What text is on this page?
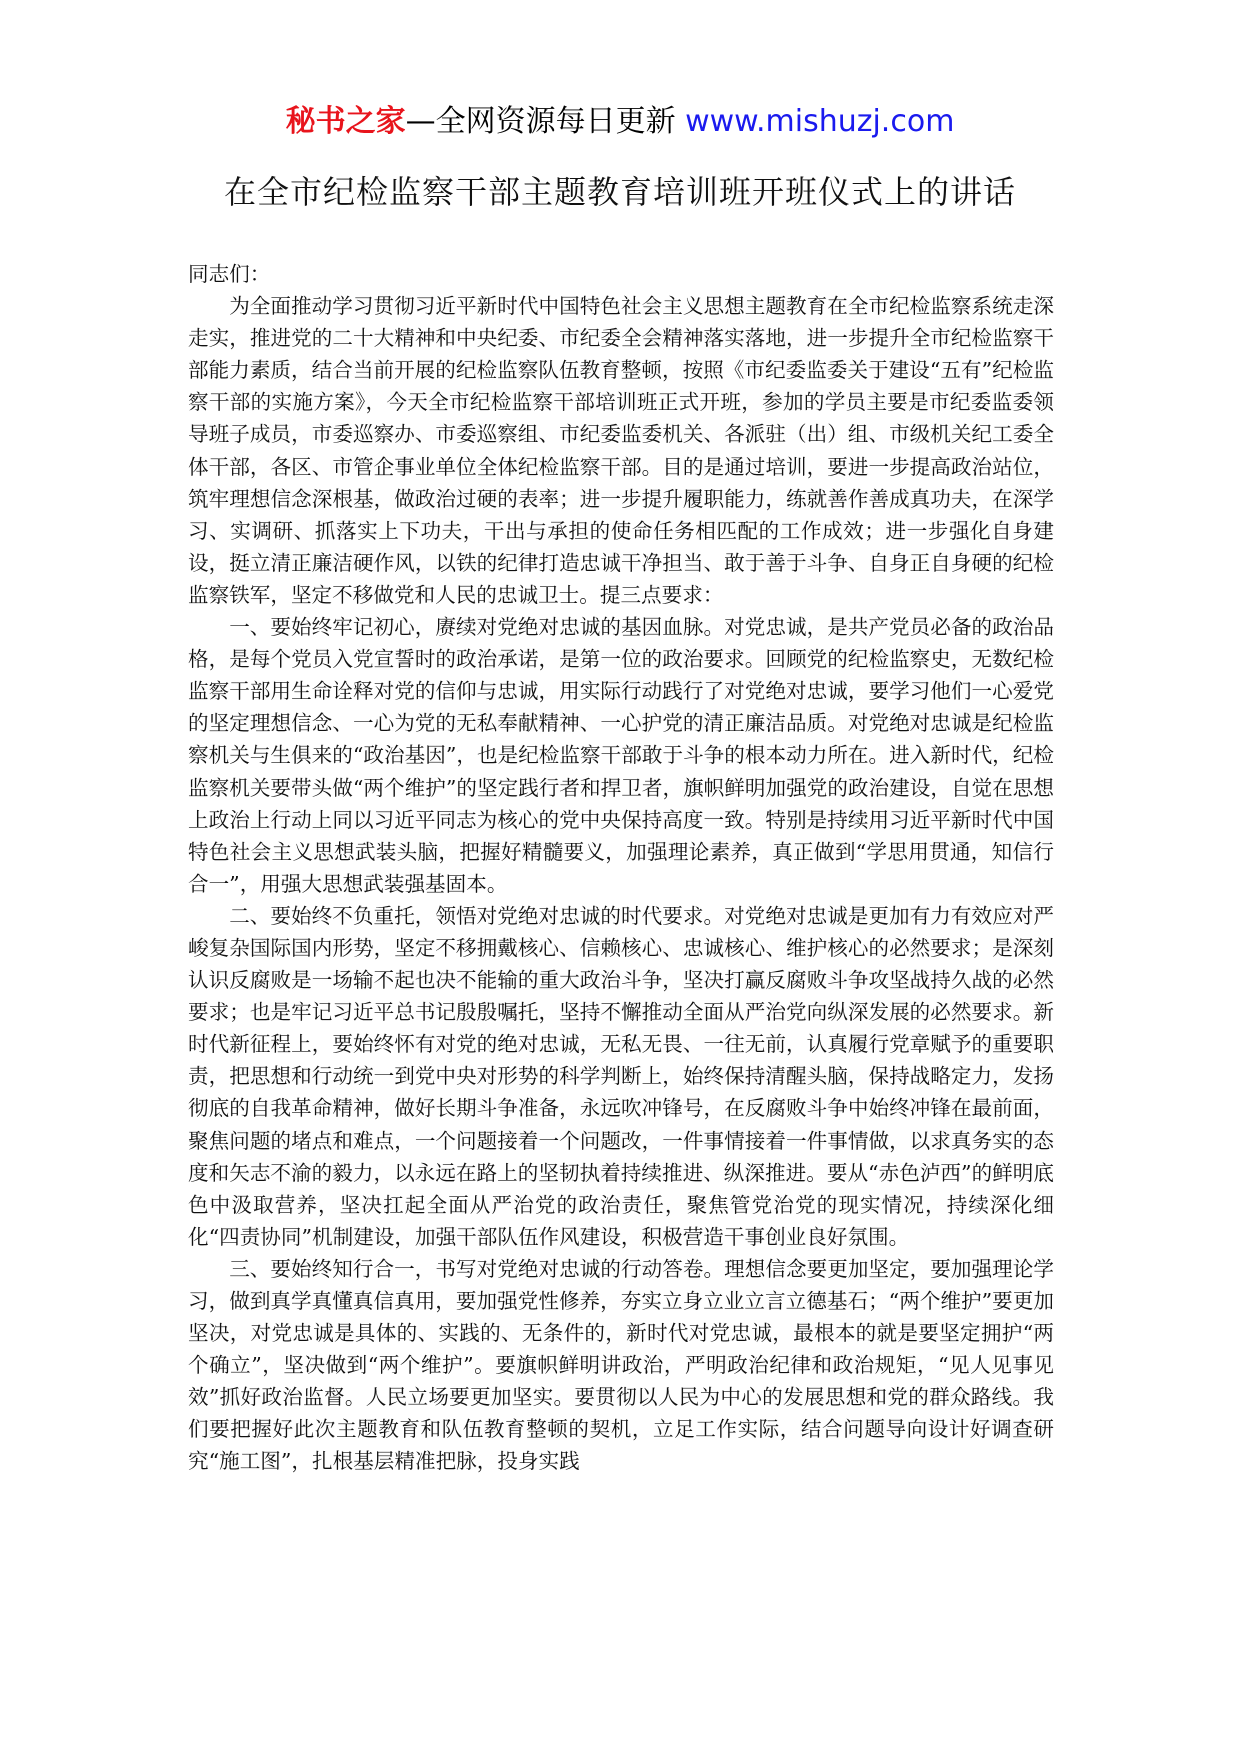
秘书之家—全网资源每日更新 www.mishuzj.com
在全市纪检监察干部主题教育培训班开班仪式上的讲话

同志们：

为全面推动学习贯彻习近平新时代中国特色社会主义思想主题教育在全市纪检监察系统走深走实，推进党的二十大精神和中央纪委、市纪委全会精神落实落地，进一步提升全市纪检监察干部能力素质，结合当前开展的纪检监察队伍教育整顿，按照《市纪委监委关于建设“五有”纪检监察干部的实施方案》，今天全市纪检监察干部培训班正式开班，参加的学员主要是市纪委监委领导班子成员，市委巡察办、市委巡察组、市纪委监委机关、各派驻（出）组、市级机关纪工委全体干部，各区、市管企事业单位全体纪检监察干部。目的是通过培训，要进一步提高政治站位，筑牢理想信念深根基，做政治过硬的表率；进一步提升履职能力，练就善作善成真功夫，在深学习、实调研、抓落实上下功夫，干出与承担的使命任务相匹配的工作成效；进一步强化自身建设，挺立清正廉洁硬作风，以铁的纪律打造忠诚干净担当、敢于善于斗争、自身正自身硬的纪检监察铁军，坚定不移做党和人民的忠诚卫士。提三点要求：

一、要始终牢记初心，赓续对党绝对忠诚的基因血脉。对党忠诚，是共产党员必备的政治品格，是每个党员入党宣誓时的政治承诺，是第一位的政治要求。回顾党的纪检监察史，无数纪检监察干部用生命诠释对党的信仰与忠诚，用实际行动践行了对党绝对忠诚，要学习他们一心爱党的坚定理想信念、一心为党的无私奉献精神、一心护党的清正廉洁品质。对党绝对忠诚是纪检监察机关与生俱来的“政治基因”，也是纪检监察干部敢于斗争的根本动力所在。进入新时代，纪检监察机关要带头做“两个维护”的坚定践行者和捍卫者，旗帜鲜明加强党的政治建设，自觉在思想上政治上行动上同以习近平同志为核心的党中央保持高度一致。特别是持续用习近平新时代中国特色社会主义思想武装头脑，把握好精髓要义，加强理论素养，真正做到“学思用贯通，知信行合一”，用强大思想武装强基固本。

二、要始终不负重托，领悟对党绝对忠诚的时代要求。对党绝对忠诚是更加有力有效应对严峻复杂国际国内形势，坚定不移拥戴核心、信赖核心、忠诚核心、维护核心的必然要求；是深刻认识反腐败是一场输不起也决不能输的重大政治斗争，坚决打赢反腐败斗争攻坚战持久战的必然要求；也是牢记习近平总书记殷殷嘱托，坚持不懈推动全面从严治党向纵深发展的必然要求。新时代新征程上，要始终怀有对党的绝对忠诚，无私无畏、一往无前，认真履行党章赋予的重要职责，把思想和行动统一到党中央对形势的科学判断上，始终保持清醒头脑，保持战略定力，发扬彻底的自我革命精神，做好长期斗争准备，永远吹冲锋号，在反腐败斗争中始终冲锋在最前面，聚焦问题的堵点和难点，一个问题接着一个问题改，一件事情接着一件事情做，以求真务实的态度和矢志不渝的毅力，以永远在路上的坚韧执着持续推进、纵深推进。要从“赤色泸西”的鲜明底色中汲取营养，坚决扛起全面从严治党的政治责任，聚焦管党治党的现实情况，持续深化细化“四责协同”机制建设，加强干部队伍作风建设，积极营造干事创业良好氛围。

三、要始终知行合一，书写对党绝对忠诚的行动答卷。理想信念要更加坚定，要加强理论学习，做到真学真懂真信真用，要加强党性修养，夯实立身立业立言立德基石；“两个维护”要更加坚决，对党忠诚是具体的、实践的、无条件的，新时代对党忠诚，最根本的就是要坚定拥护“两个确立”，坚决做到“两个维护”。要旗帜鲜明讲政治，严明政治纪律和政治规矩，“见人见事见效”抓好政治监督。人民立场要更加坚实。要贯彻以人民为中心的发展思想和党的群众路线。我们要把握好此次主题教育和队伍教育整顿的契机，立足工作实际，结合问题导向设计好调查研究“施工图”，扎根基层精准把脉，投身实践
